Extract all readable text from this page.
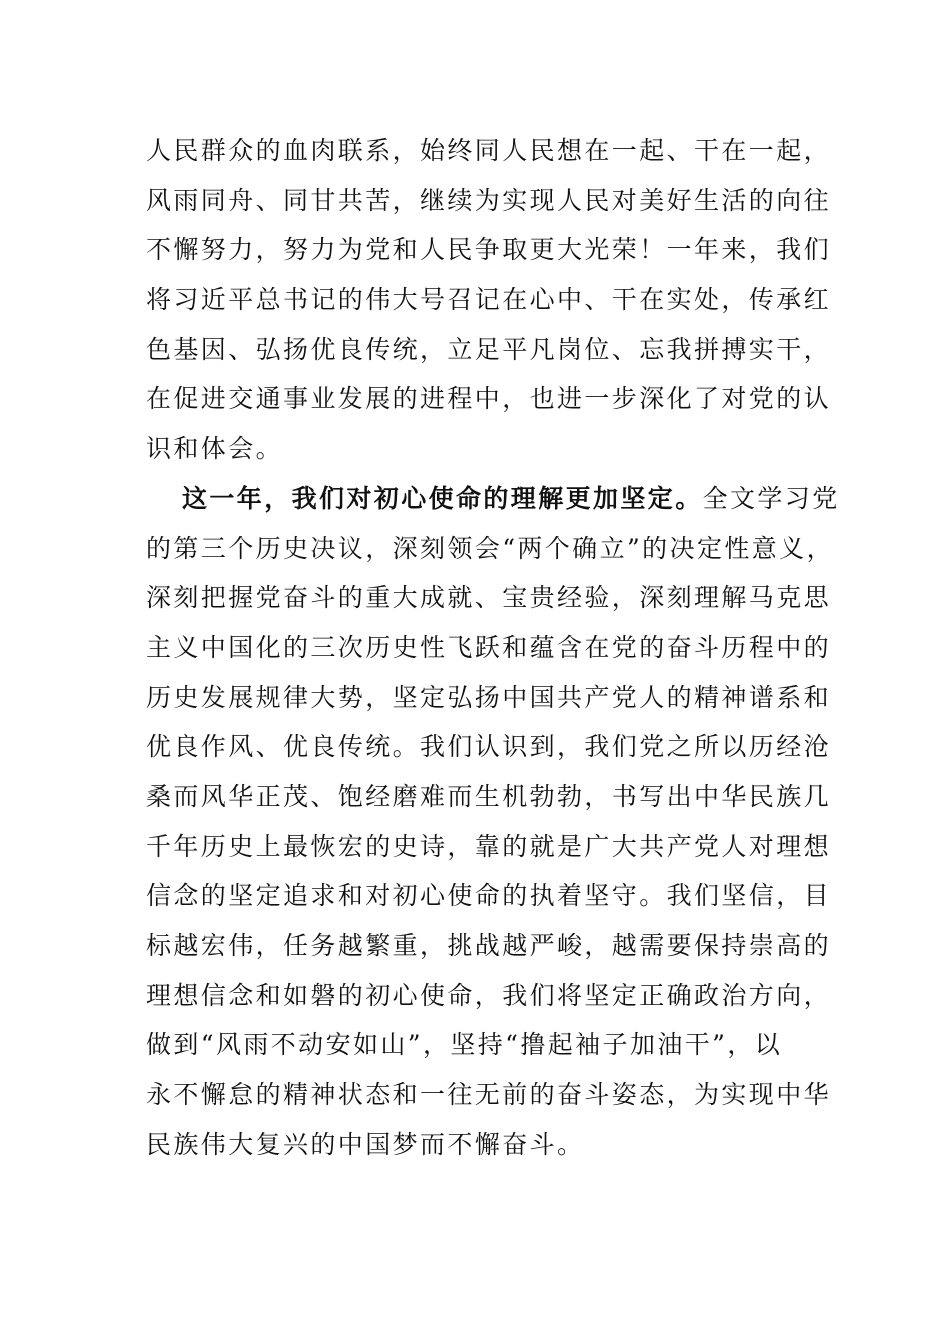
人民群众的血肉联系，始终同人民想在一起、干在一起，
风雨同舟、同甘共苦，继续为实现人民对美好生活的向往
不懈努力，努力为党和人民争取更大光荣！一年来，我们
将习近平总书记的伟大号召记在心中、干在实处，传承红
色基因、弘扬优良传统，立足平凡岗位、忘我拼搏实干，
在促进交通事业发展的进程中，也进一步深化了对党的认
识和体会。
这一年，我们对初心使命的理解更加坚定。全文学习党
的第三个历史决议，深刻领会“两个确立”的决定性意义，
深刻把握党奋斗的重大成就、宝贵经验，深刻理解马克思
主义中国化的三次历史性飞跃和蕴含在党的奋斗历程中的
历史发展规律大势，坚定弘扬中国共产党人的精神谱系和
优良作风、优良传统。我们认识到，我们党之所以历经沧
桑而风华正茂、饱经磨难而生机勃勃，书写出中华民族几
千年历史上最恢宏的史诗，靠的就是广大共产党人对理想
信念的坚定追求和对初心使命的执着坚守。我们坚信，目
标越宏伟，任务越繁重，挑战越严峻，越需要保持崇高的
理想信念和如磐的初心使命，我们将坚定正确政治方向，
做到“风雨不动安如山”，坚持“撸起袖子加油干”，以
永不懈怠的精神状态和一往无前的奋斗姿态，为实现中华
民族伟大复兴的中国梦而不懈奋斗。
